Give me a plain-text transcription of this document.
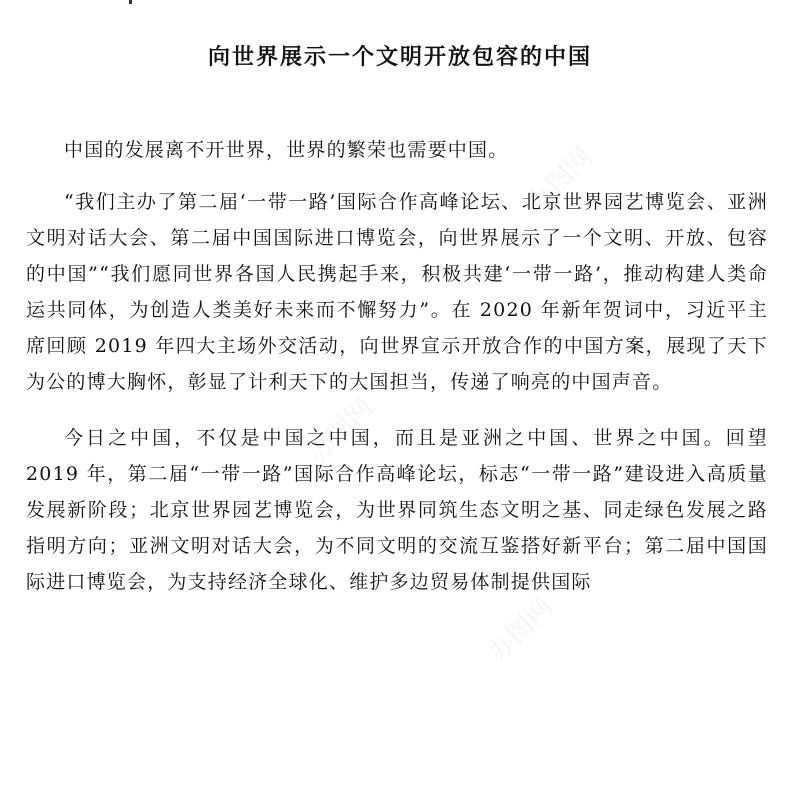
办图网
办图网
办图网
向世界展示一个文明开放包容的中国

中国的发展离不开世界，世界的繁荣也需要中国。

“我们主办了第二届‘一带一路’国际合作高峰论坛、北京世界园艺博览会、亚洲文明对话大会、第二届中国国际进口博览会，向世界展示了一个文明、开放、包容的中国”“我们愿同世界各国人民携起手来，积极共建‘一带一路’，推动构建人类命运共同体，为创造人类美好未来而不懈努力”。在 2020 年新年贺词中，习近平主席回顾 2019 年四大主场外交活动，向世界宣示开放合作的中国方案，展现了天下为公的博大胸怀，彰显了计利天下的大国担当，传递了响亮的中国声音。

今日之中国，不仅是中国之中国，而且是亚洲之中国、世界之中国。回望 2019 年，第二届“一带一路”国际合作高峰论坛，标志“一带一路”建设进入高质量发展新阶段；北京世界园艺博览会，为世界同筑生态文明之基、同走绿色发展之路指明方向；亚洲文明对话大会，为不同文明的交流互鉴搭好新平台；第二届中国国际进口博览会，为支持经济全球化、维护多边贸易体制提供国际
